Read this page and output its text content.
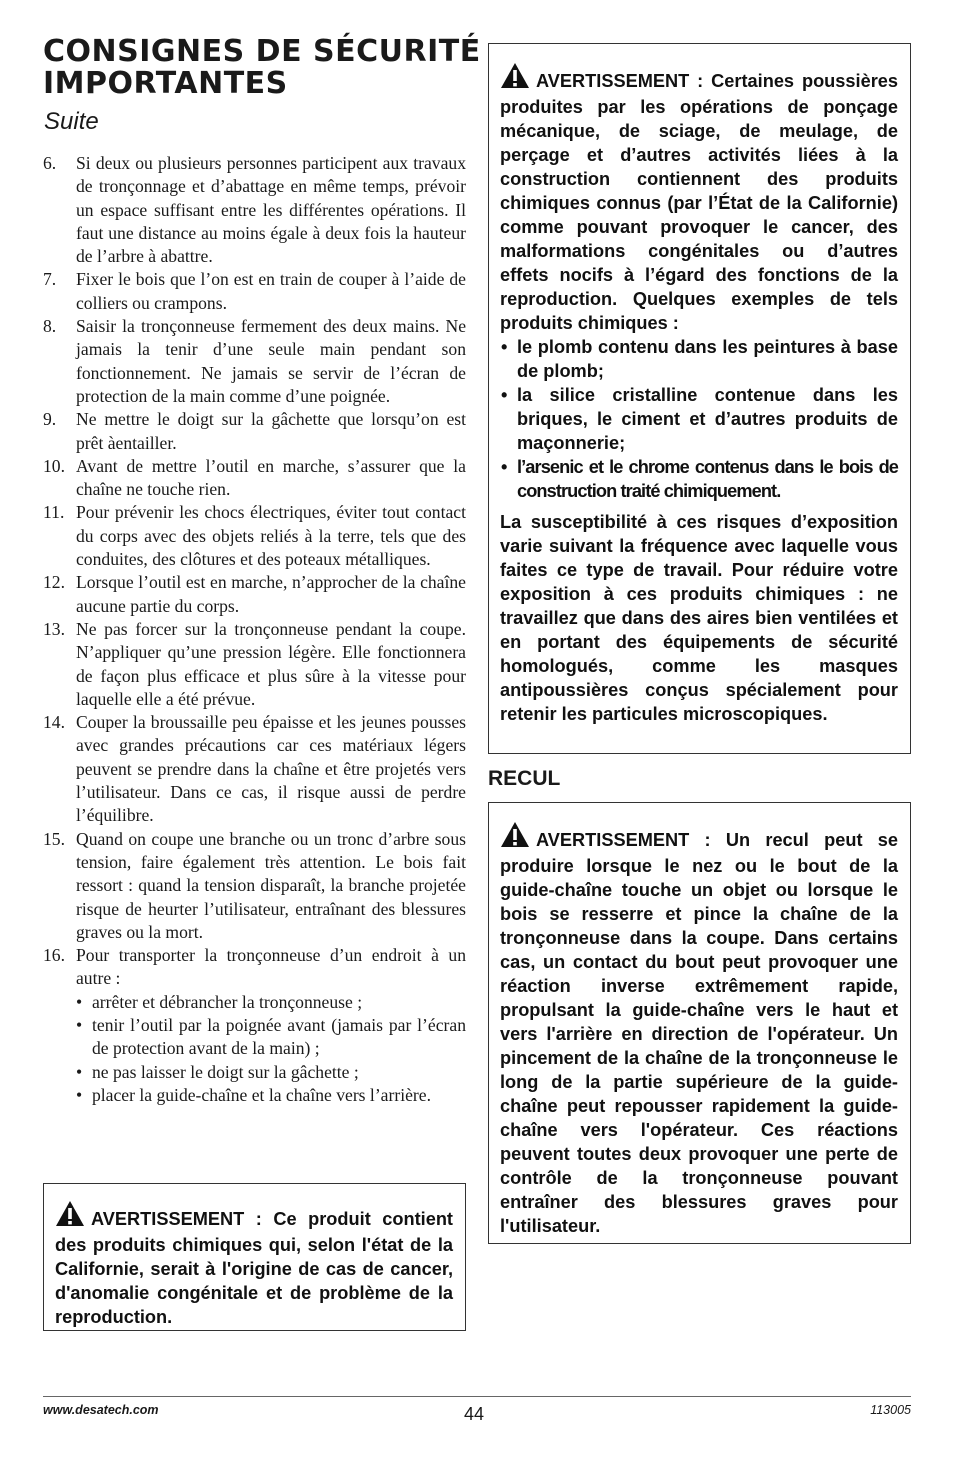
CONSIGNES DE SÉCURITÉ IMPORTANTES
Suite
6. Si deux ou plusieurs personnes participent aux travaux de tronçonnage et d’abattage en même temps, prévoir un espace suffisant entre les différentes opérations. Il faut une distance au moins égale à deux fois la hauteur de l’arbre à abattre.
7. Fixer le bois que l’on est en train de couper à l’aide de colliers ou crampons.
8. Saisir la tronçonneuse fermement des deux mains. Ne jamais la tenir d’une seule main pendant son fonctionnement. Ne jamais se servir de l’écran de protection de la main comme d’une poignée.
9. Ne mettre le doigt sur la gâchette que lorsqu’on est prêt àentailler.
10. Avant de mettre l’outil en marche, s’assurer que la chaîne ne touche rien.
11. Pour prévenir les chocs électriques, éviter tout contact du corps avec des objets reliés à la terre, tels que des conduites, des clôtures et des poteaux métalliques.
12. Lorsque l’outil est en marche, n’approcher de la chaîne aucune partie du corps.
13. Ne pas forcer sur la tronçonneuse pendant la coupe. N’appliquer qu’une pression légère. Elle fonctionnera de façon plus efficace et plus sûre à la vitesse pour laquelle elle a été prévue.
14. Couper la broussaille peu épaisse et les jeunes pousses avec grandes précautions car ces matériaux légers peuvent se prendre dans la chaîne et être projetés vers l’utilisateur. Dans ce cas, il risque aussi de perdre l’équilibre.
15. Quand on coupe une branche ou un tronc d’arbre sous tension, faire également très attention. Le bois fait ressort : quand la tension disparaît, la branche projetée risque de heurter l’utilisateur, entraînant des blessures graves ou la mort.
16. Pour transporter la tronçonneuse d’un endroit à un autre :
• arrêter et débrancher la tronçonneuse ;
• tenir l’outil par la poignée avant (jamais par l’écran de protection avant de la main) ;
• ne pas laisser le doigt sur la gâchette ;
• placer la guide-chaîne et la chaîne vers l’arrière.

AVERTISSEMENT : Ce produit contient des produits chimiques qui, selon l'état de la Californie, serait à l'origine de cas de cancer, d'anomalie congénitale et de problème de la reproduction.

AVERTISSEMENT : Certaines poussières produites par les opérations de ponçage mécanique, de sciage, de meulage, de perçage et d’autres activités liées à la construction contiennent des produits chimiques connus (par l’État de la Californie) comme pouvant provoquer le cancer, des malformations congénitales ou d’autres effets nocifs à l’égard des fonctions de la reproduction. Quelques exemples de tels produits chimiques :

• le plomb contenu dans les peintures à base de plomb;
• la silice cristalline contenue dans les briques, le ciment et d’autres produits de maçonnerie;
• l’arsenic et le chrome contenus dans le bois de construction traité chimiquement.

La susceptibilité à ces risques d’exposition varie suivant la fréquence avec laquelle vous faites ce type de travail. Pour réduire votre exposition à ces produits chimiques : ne travaillez que dans des aires bien ventilées et en portant des équipements de sécurité homologués, comme les masques antipoussières conçus spécialement pour retenir les particules microscopiques.

RECUL

AVERTISSEMENT : Un recul peut se produire lorsque le nez ou le bout de la guide-chaîne touche un objet ou lorsque le bois se resserre et pince la chaîne de la tronçonneuse dans la coupe. Dans certains cas, un contact du bout peut provoquer une réaction inverse extrêmement rapide, propulsant la guide-chaîne vers le haut et vers l'arrière en direction de l'opérateur. Un pincement de la chaîne de la tronçonneuse le long de la partie supérieure de la guide-chaîne peut repousser rapidement la guide-chaîne vers l'opérateur. Ces réactions peuvent toutes deux provoquer une perte de contrôle de la tronçonneuse pouvant entraîner des blessures graves pour l'utilisateur.

www.desatech.com	44	113005
